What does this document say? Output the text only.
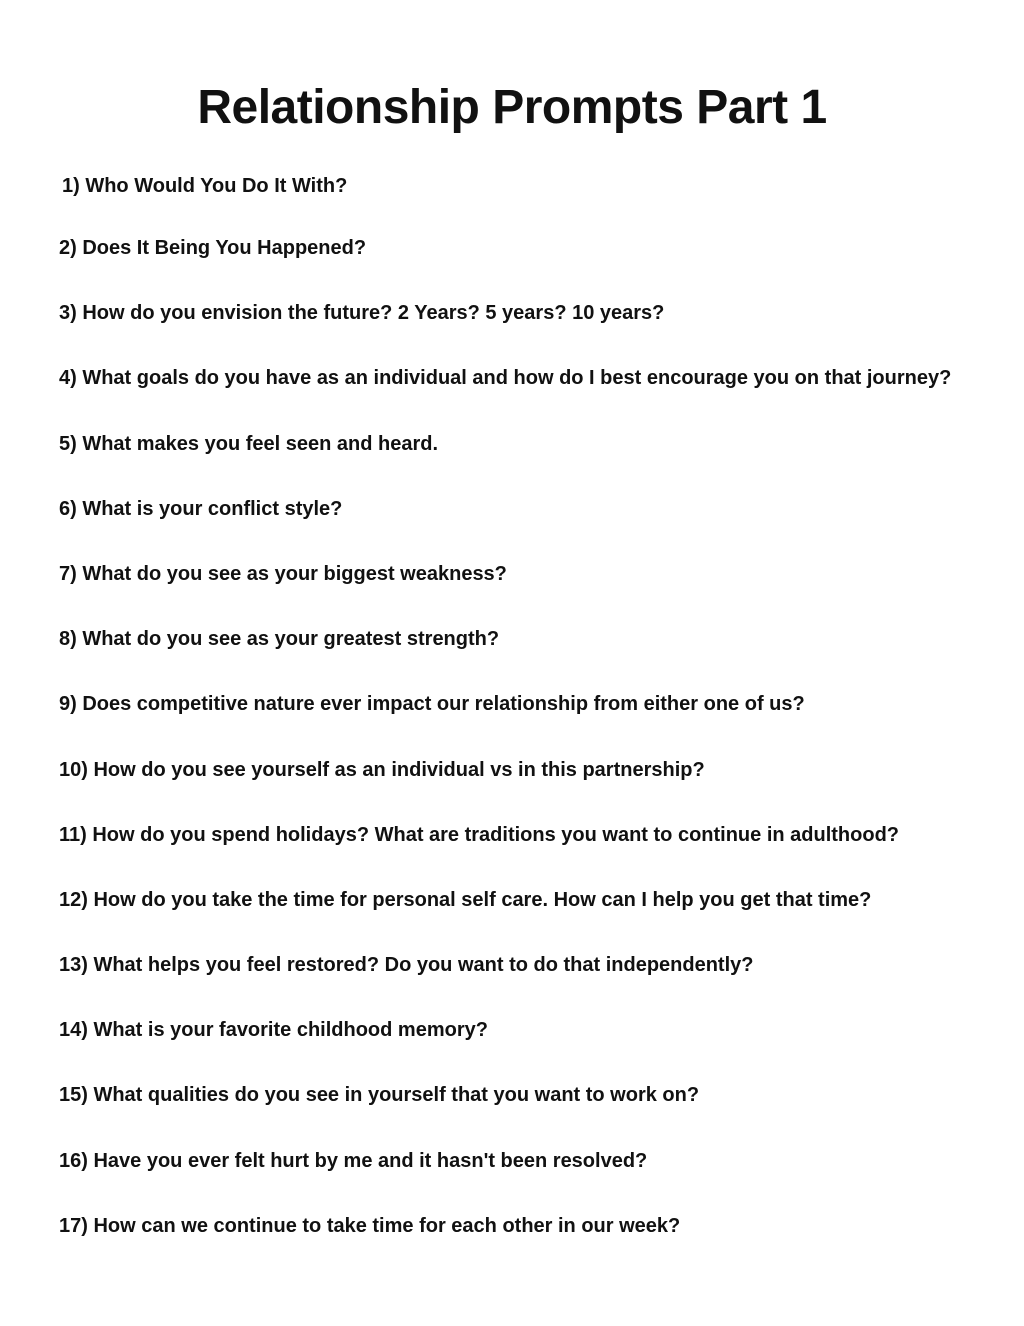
Relationship Prompts Part 1
1) Who Would You Do It With?
2) Does It Being You Happened?
3) How do you envision the future? 2 Years? 5 years? 10 years?
4) What goals do you have as an individual and how do I best encourage you on that journey?
5) What makes you feel seen and heard.
6) What is your conflict style?
7) What do you see as your biggest weakness?
8) What do you see as your greatest strength?
9) Does competitive nature ever impact our relationship from either one of us?
10) How do you see yourself as an individual vs in this partnership?
11) How do you spend holidays? What are traditions you want to continue in adulthood?
12) How do you take the time for personal self care. How can I help you get that time?
13) What helps you feel restored? Do you want to do that independently?
14) What is your favorite childhood memory?
15) What qualities do you see in yourself that you want to work on?
16) Have you ever felt hurt by me and it hasn't been resolved?
17) How can we continue to take time for each other in our week?
